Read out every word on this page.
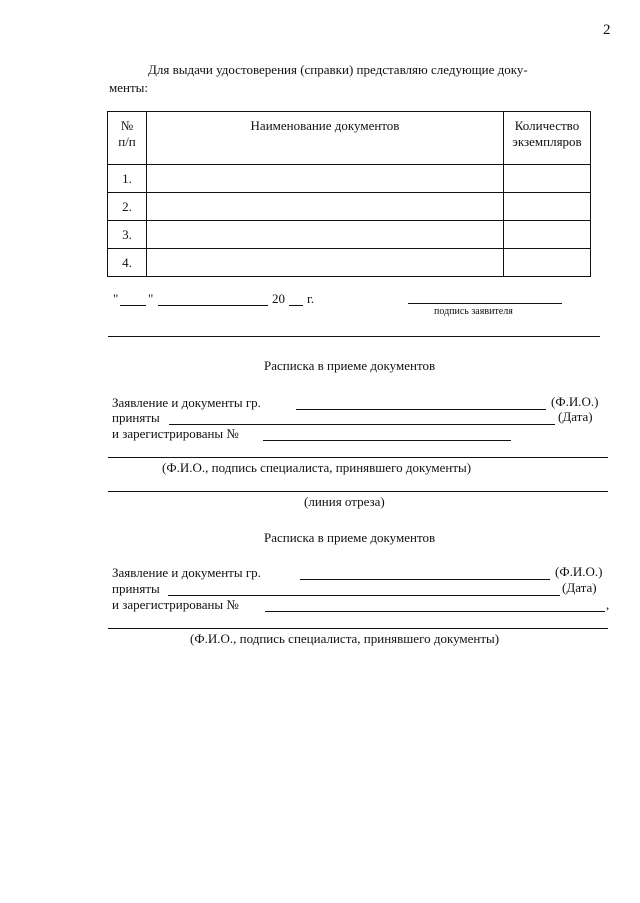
2
Для выдачи удостоверения (справки) представляю следующие доку-
менты:
№
п/п	Наименование документов	Количество экземпляров
1.		
2.		
3.		
4.		
" "	20 г.
подпись заявителя
Расписка в приеме документов
Заявление и документы гр.	(Ф.И.О.)
приняты	(Дата)
и зарегистрированы №
(Ф.И.О., подпись специалиста, принявшего документы)
(линия отреза)
Расписка в приеме документов
Заявление и документы гр.	(Ф.И.О.)
приняты	(Дата)
и зарегистрированы №	,
(Ф.И.О., подпись специалиста, принявшего документы)
